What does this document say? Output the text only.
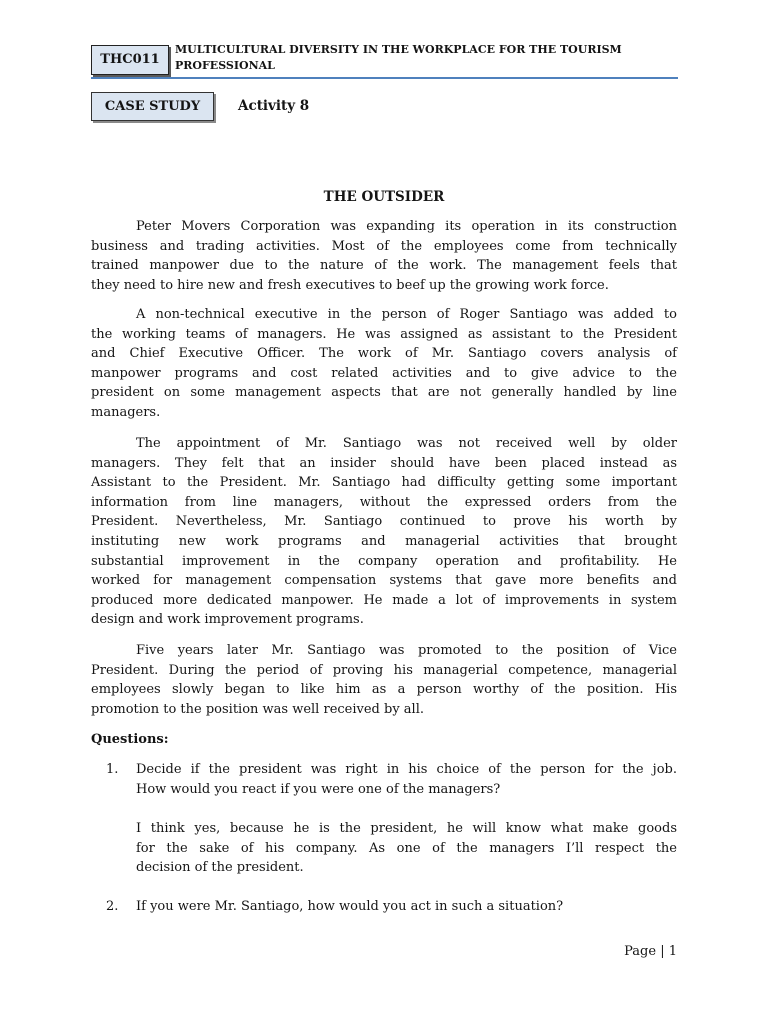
THC011
MULTICULTURAL DIVERSITY IN THE WORKPLACE FOR THE TOURISM PROFESSIONAL
CASE STUDY	Activity 8
THE OUTSIDER
Peter Movers Corporation was expanding its operation in its construction
business and trading activities. Most of the employees come from technically
trained manpower due to the nature of the work. The management feels that
they need to hire new and fresh executives to beef up the growing work force.
A non-technical executive in the person of Roger Santiago was added to
the working teams of managers. He was assigned as assistant to the President
and Chief Executive Officer. The work of Mr. Santiago covers analysis of
manpower programs and cost related activities and to give advice to the
president on some management aspects that are not generally handled by line
managers.
The appointment of Mr. Santiago was not received well by older
managers. They felt that an insider should have been placed instead as
Assistant to the President. Mr. Santiago had difficulty getting some important
information from line managers, without the expressed orders from the
President. Nevertheless, Mr. Santiago continued to prove his worth by
instituting new work programs and managerial activities that brought
substantial improvement in the company operation and profitability. He
worked for management compensation systems that gave more benefits and
produced more dedicated manpower. He made a lot of improvements in system
design and work improvement programs.
Five years later Mr. Santiago was promoted to the position of Vice
President. During the period of proving his managerial competence, managerial
employees slowly began to like him as a person worthy of the position. His
promotion to the position was well received by all.
Questions:
1. Decide if the president was right in his choice of the person for the job.
How would you react if you were one of the managers?
I think yes, because he is the president, he will know what make goods
for the sake of his company. As one of the managers I’ll respect the
decision of the president.
2. If you were Mr. Santiago, how would you act in such a situation?
Page | 1
